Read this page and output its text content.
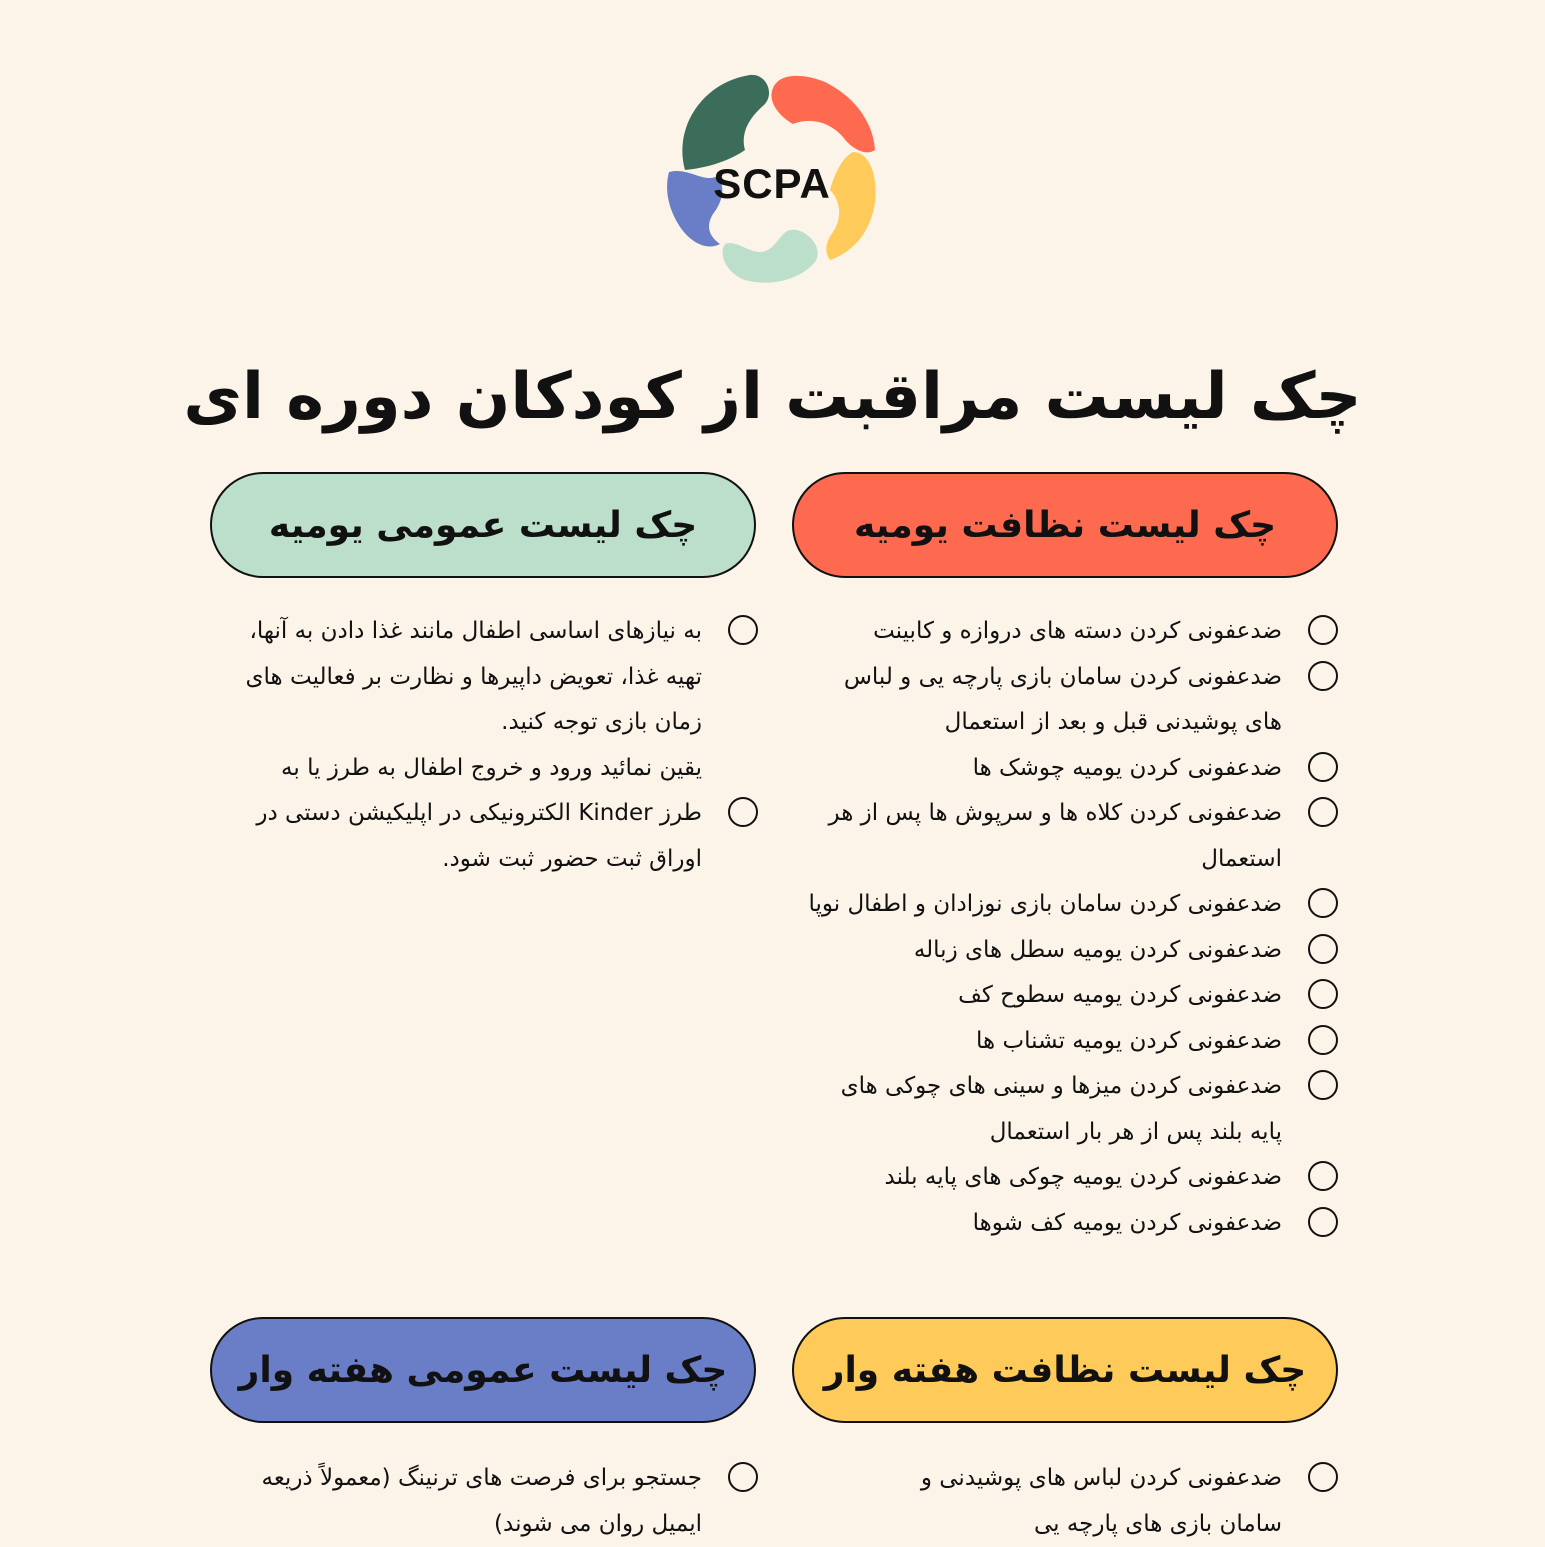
SCPA
چک لیست مراقبت از کودکان دوره ای
چک لیست نظافت یومیه
چک لیست عمومی یومیه
ضدعفونی کردن دسته های دروازه و کابینت
ضدعفونی کردن سامان بازی پارچه یی و لباس های پوشیدنی قبل و بعد از استعمال
ضدعفونی کردن یومیه چوشک ها
ضدعفونی کردن کلاه ها و سرپوش ها پس از هر استعمال
ضدعفونی کردن سامان بازی نوزادان و اطفال نوپا
ضدعفونی کردن یومیه سطل های زباله
ضدعفونی کردن یومیه سطوح کف
ضدعفونی کردن یومیه تشناب ها
ضدعفونی کردن میزها و سینی های چوکی های پایه بلند پس از هر بار استعمال
ضدعفونی کردن یومیه چوکی های پایه بلند
ضدعفونی کردن یومیه کف شوها
به نیازهای اساسی اطفال مانند غذا دادن به آنها، تهیه غذا، تعویض داپیرها و نظارت بر فعالیت های زمان بازی توجه کنید.
یقین نمائید ورود و خروج اطفال به طرز یا به طرز Kinder الکترونیکی در اپلیکیشن دستی در اوراق ثبت حضور ثبت شود.
چک لیست نظافت هفته وار
چک لیست عمومی هفته وار
ضدعفونی کردن لباس های پوشیدنی و سامان بازی های پارچه یی
جستجو برای فرصت های ترنینگ (معمولاً ذریعه ایمیل روان می شوند)
